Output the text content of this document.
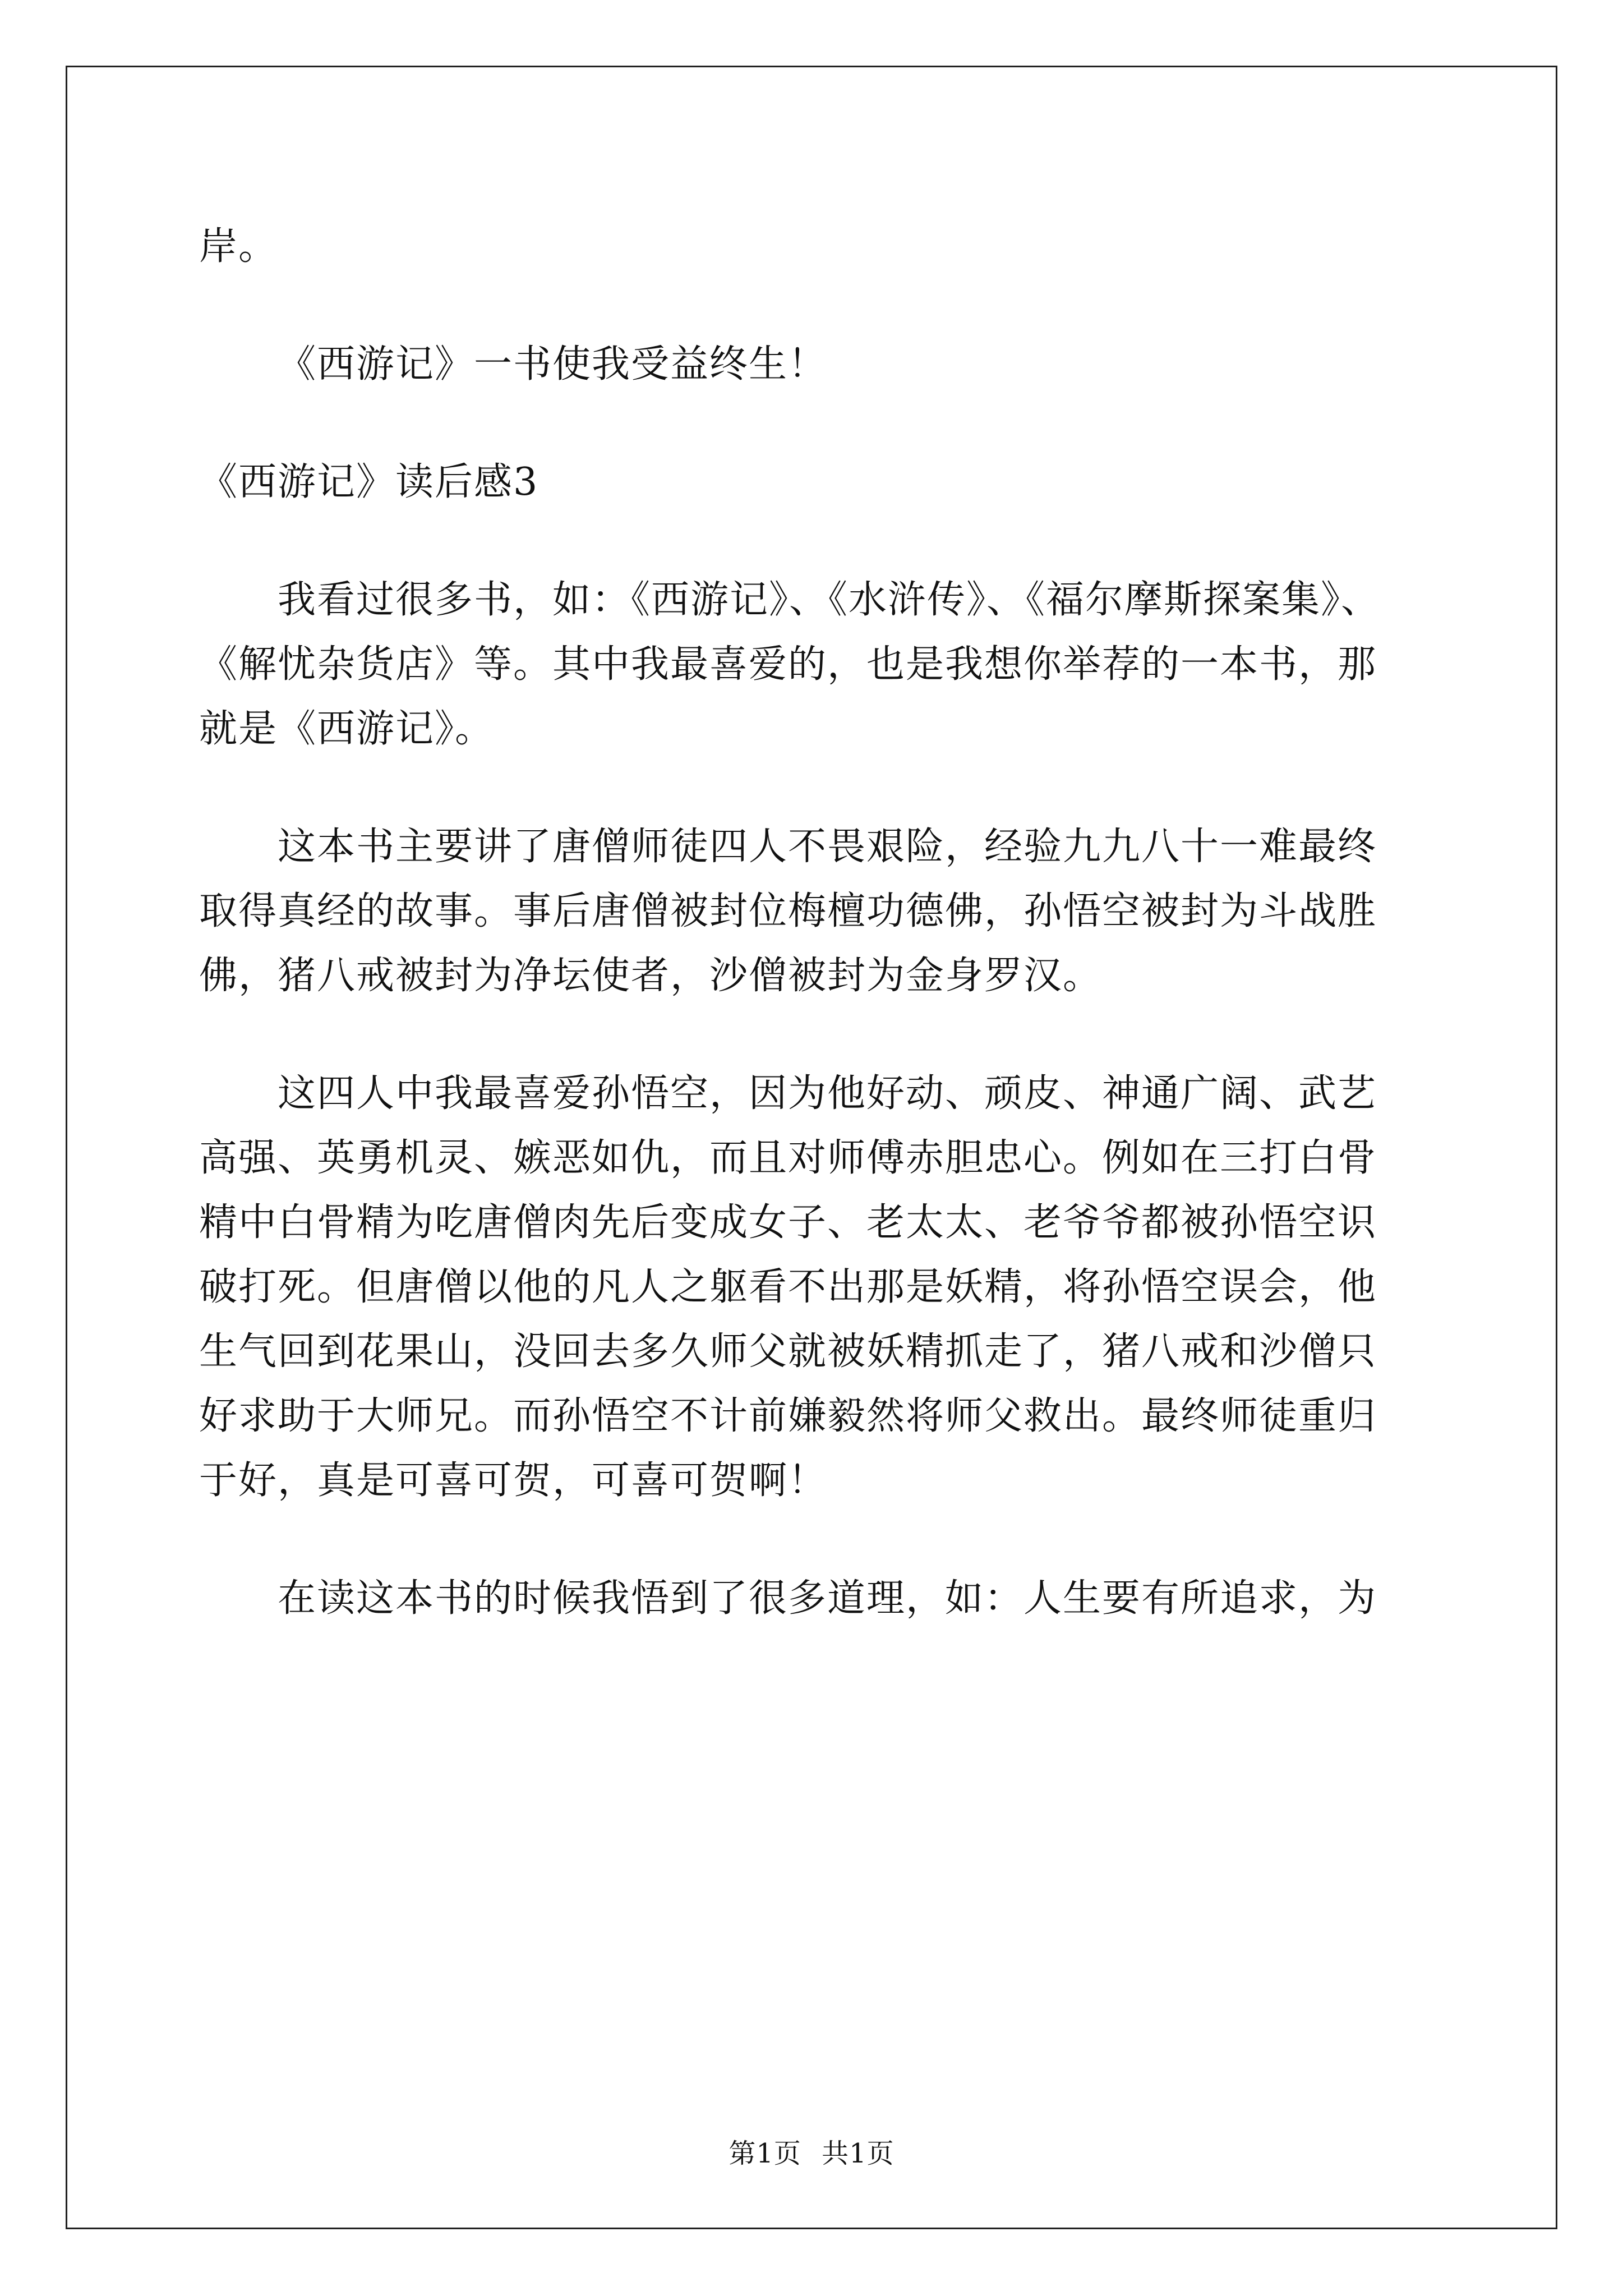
岸。

《西游记》一书使我受益终生！

《西游记》读后感3

我看过很多书，如：《西游记》、《水浒传》、《福尔摩斯探案集》、

《解忧杂货店》等。其中我最喜爱的，也是我想你举荐的一本书，那

就是《西游记》。

这本书主要讲了唐僧师徒四人不畏艰险，经验九九八十一难最终

取得真经的故事。事后唐僧被封位梅檀功德佛，孙悟空被封为斗战胜

佛，猪八戒被封为净坛使者，沙僧被封为金身罗汉。

这四人中我最喜爱孙悟空，因为他好动、顽皮、神通广阔、武艺

高强、英勇机灵、嫉恶如仇，而且对师傅赤胆忠心。例如在三打白骨

精中白骨精为吃唐僧肉先后变成女子、老太太、老爷爷都被孙悟空识

破打死。但唐僧以他的凡人之躯看不出那是妖精，将孙悟空误会，他

生气回到花果山，没回去多久师父就被妖精抓走了，猪八戒和沙僧只

好求助于大师兄。而孙悟空不计前嫌毅然将师父救出。最终师徒重归

于好，真是可喜可贺，可喜可贺啊！

在读这本书的时候我悟到了很多道理，如：人生要有所追求，为

第1页 共1页
